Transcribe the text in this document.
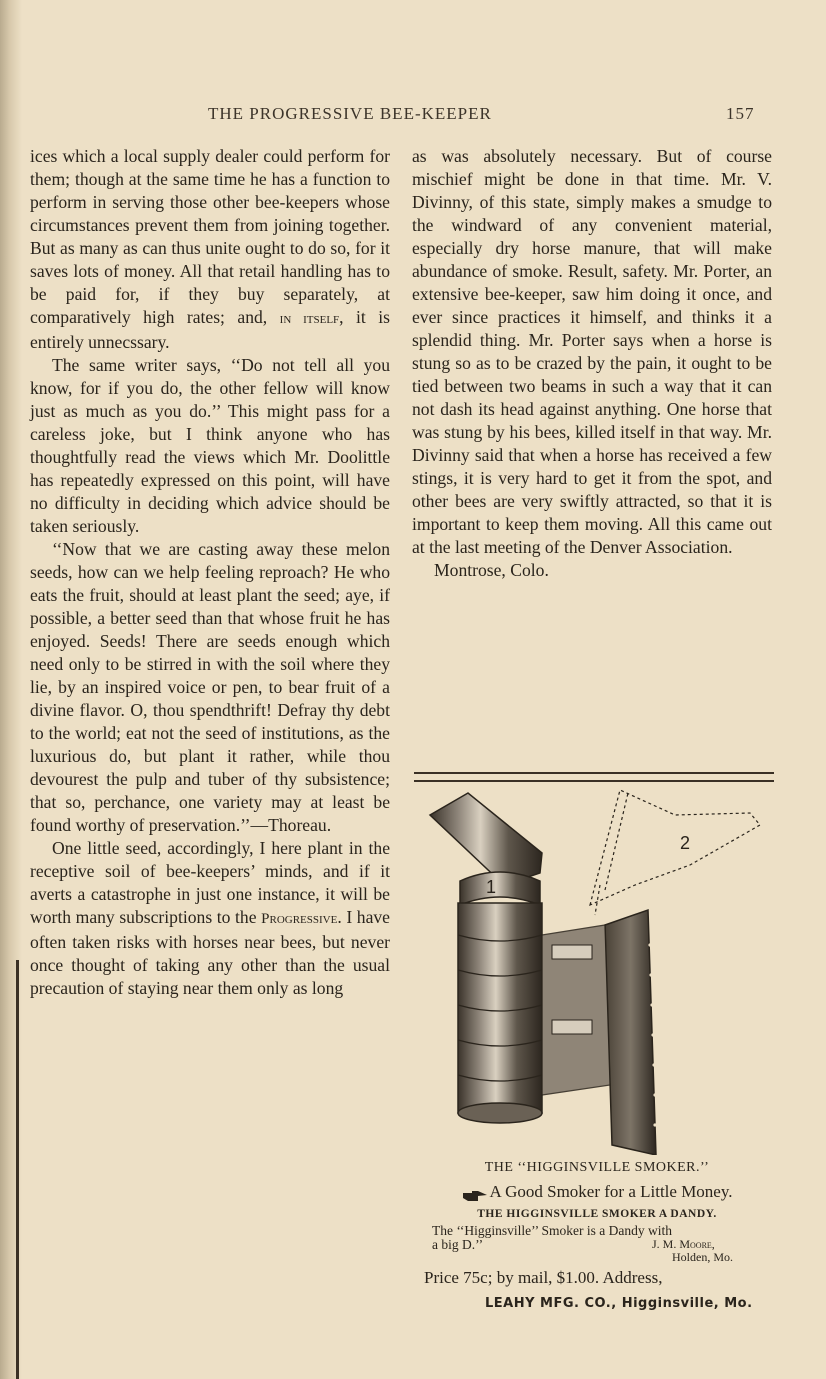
THE PROGRESSIVE BEE-KEEPER	157

ices which a local supply dealer could perform for them; though at the same time he has a function to perform in serving those other bee-keepers whose circumstances prevent them from joining together. But as many as can thus unite ought to do so, for it saves lots of money. All that retail handling has to be paid for, if they buy separately, at comparatively high rates; and, in itself, it is entirely unnecssary.

The same writer says, ‘‘Do not tell all you know, for if you do, the other fellow will know just as much as you do.’’ This might pass for a careless joke, but I think anyone who has thoughtfully read the views which Mr. Doolittle has repeatedly expressed on this point, will have no difficulty in deciding which advice should be taken seriously.

‘‘Now that we are casting away these melon seeds, how can we help feeling reproach? He who eats the fruit, should at least plant the seed; aye, if possible, a better seed than that whose fruit he has enjoyed. Seeds! There are seeds enough which need only to be stirred in with the soil where they lie, by an inspired voice or pen, to bear fruit of a divine flavor. O, thou spendthrift! Defray thy debt to the world; eat not the seed of institutions, as the luxurious do, but plant it rather, while thou devourest the pulp and tuber of thy subsistence; that so, perchance, one variety may at least be found worthy of preservation.’’—Thoreau.

One little seed, accordingly, I here plant in the receptive soil of bee-keepers’ minds, and if it averts a catastrophe in just one instance, it will be worth many subscriptions to the Progressive. I have often taken risks with horses near bees, but never once thought of taking any other than the usual precaution of staying near them only as long

as was absolutely necessary. But of course mischief might be done in that time. Mr. V. Divinny, of this state, simply makes a smudge to the windward of any convenient material, especially dry horse manure, that will make abundance of smoke. Result, safety. Mr. Porter, an extensive bee-keeper, saw him doing it once, and ever since practices it himself, and thinks it a splendid thing. Mr. Porter says when a horse is stung so as to be crazed by the pain, it ought to be tied between two beams in such a way that it can not dash its head against anything. One horse that was stung by his bees, killed itself in that way. Mr. Divinny said that when a horse has received a few stings, it is very hard to get it from the spot, and other bees are very swiftly attracted, so that it is important to keep them moving. All this came out at the last meeting of the Denver Association.

Montrose, Colo.

1
2
THE ‘‘HIGGINSVILLE SMOKER.’’
A Good Smoker for a Little Money.
THE HIGGINSVILLE SMOKER A DANDY.
The ‘‘Higginsville’’ Smoker is a Dandy with
a big D.’’	J. M. Moore,
Holden, Mo.
Price 75c; by mail, $1.00. Address,
LEAHY MFG. CO., Higginsville, Mo.
